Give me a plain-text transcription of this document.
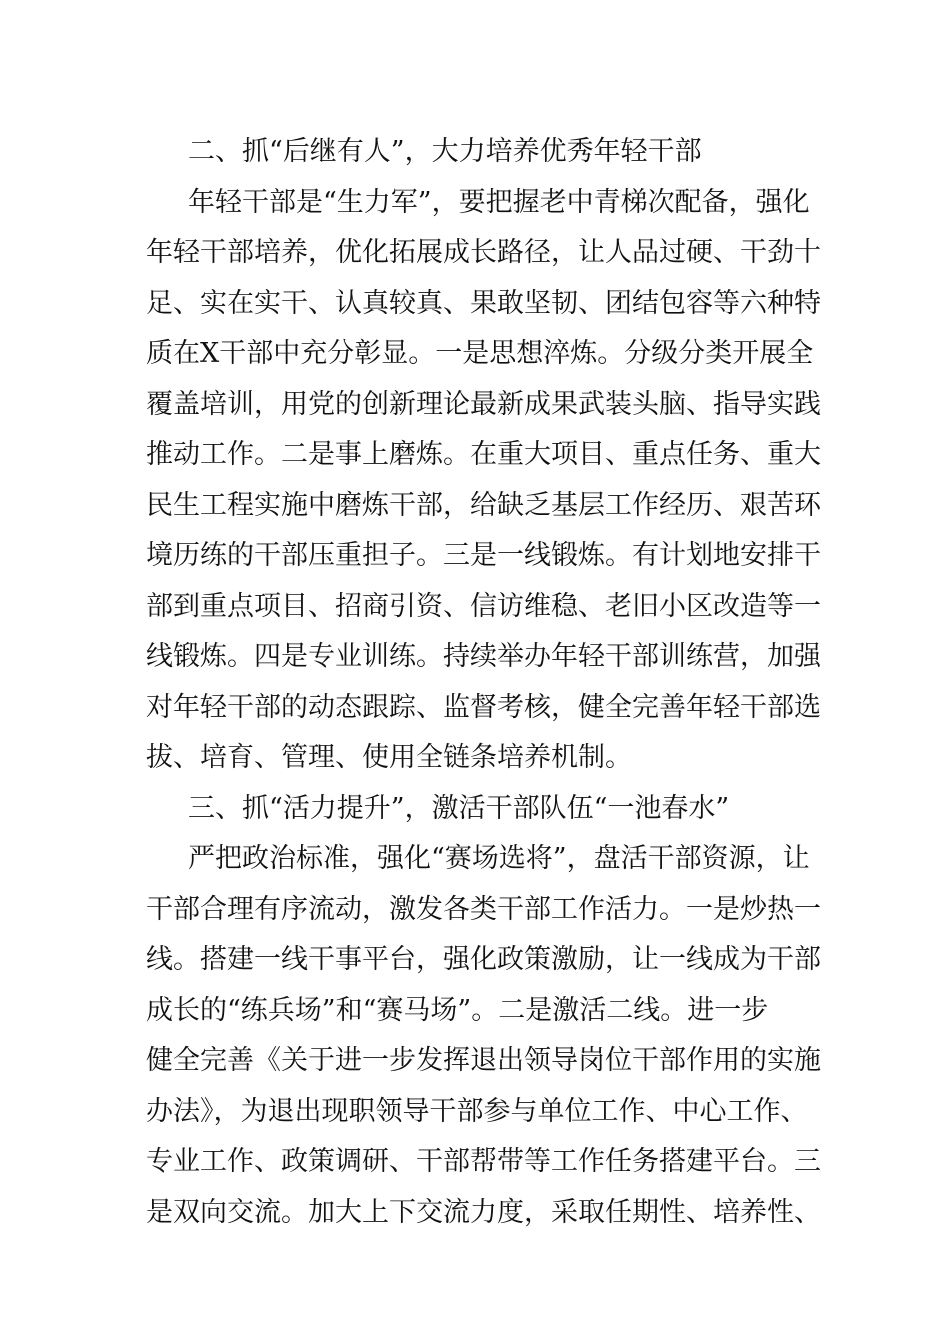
二、抓“后继有人”，大力培养优秀年轻干部
年轻干部是“生力军”，要把握老中青梯次配备，强化
年轻干部培养，优化拓展成长路径，让人品过硬、干劲十
足、实在实干、认真较真、果敢坚韧、团结包容等六种特
质在X干部中充分彰显。一是思想淬炼。分级分类开展全
覆盖培训，用党的创新理论最新成果武装头脑、指导实践
推动工作。二是事上磨炼。在重大项目、重点任务、重大
民生工程实施中磨炼干部，给缺乏基层工作经历、艰苦环
境历练的干部压重担子。三是一线锻炼。有计划地安排干
部到重点项目、招商引资、信访维稳、老旧小区改造等一
线锻炼。四是专业训练。持续举办年轻干部训练营，加强
对年轻干部的动态跟踪、监督考核，健全完善年轻干部选
拔、培育、管理、使用全链条培养机制。
三、抓“活力提升”，激活干部队伍“一池春水”
严把政治标准，强化“赛场选将”，盘活干部资源，让
干部合理有序流动，激发各类干部工作活力。一是炒热一
线。搭建一线干事平台，强化政策激励，让一线成为干部
成长的“练兵场”和“赛马场”。二是激活二线。进一步
健全完善《关于进一步发挥退出领导岗位干部作用的实施
办法》，为退出现职领导干部参与单位工作、中心工作、
专业工作、政策调研、干部帮带等工作任务搭建平台。三
是双向交流。加大上下交流力度，采取任期性、培养性、
